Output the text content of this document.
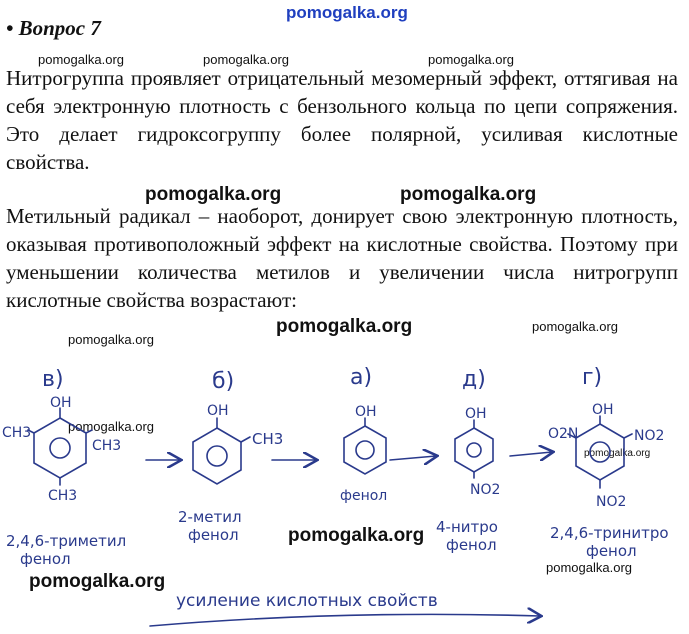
pomogalka.org
pomogalka.org	pomogalka.org	pomogalka.org
pomogalka.org	pomogalka.org
pomogalka.org
pomogalka.org
pomogalka.org
pomogalka.org
pomogalka.org
pomogalka.org
pomogalka.org
pomogalka.org
• Вопрос 7

Нитрогруппа проявляет отрицательный мезомерный эффект, оттягивая на себя электронную плотность с бензольного кольца по цепи сопряжения. Это делает гидроксогруппу более полярной, усиливая кислотные свойства.

Метильный радикал – наоборот, донирует свою электронную плотность, оказывая противоположный эффект на кислотные свойства. Поэтому при уменьшении количества метилов и увеличении числа нитрогрупп кислотные свойства возрастают:

в)
OH
CH3
CH3
CH3
2,4,6-триметил
фенол
б)
OH
CH3
2-метил
фенол
а)
OH
фенол
д)
OH
NO2
4-нитро
фенол
г)
OH
O2N	NO2
NO2
2,4,6-тринитро
фенол
усиление кислотных свойств
